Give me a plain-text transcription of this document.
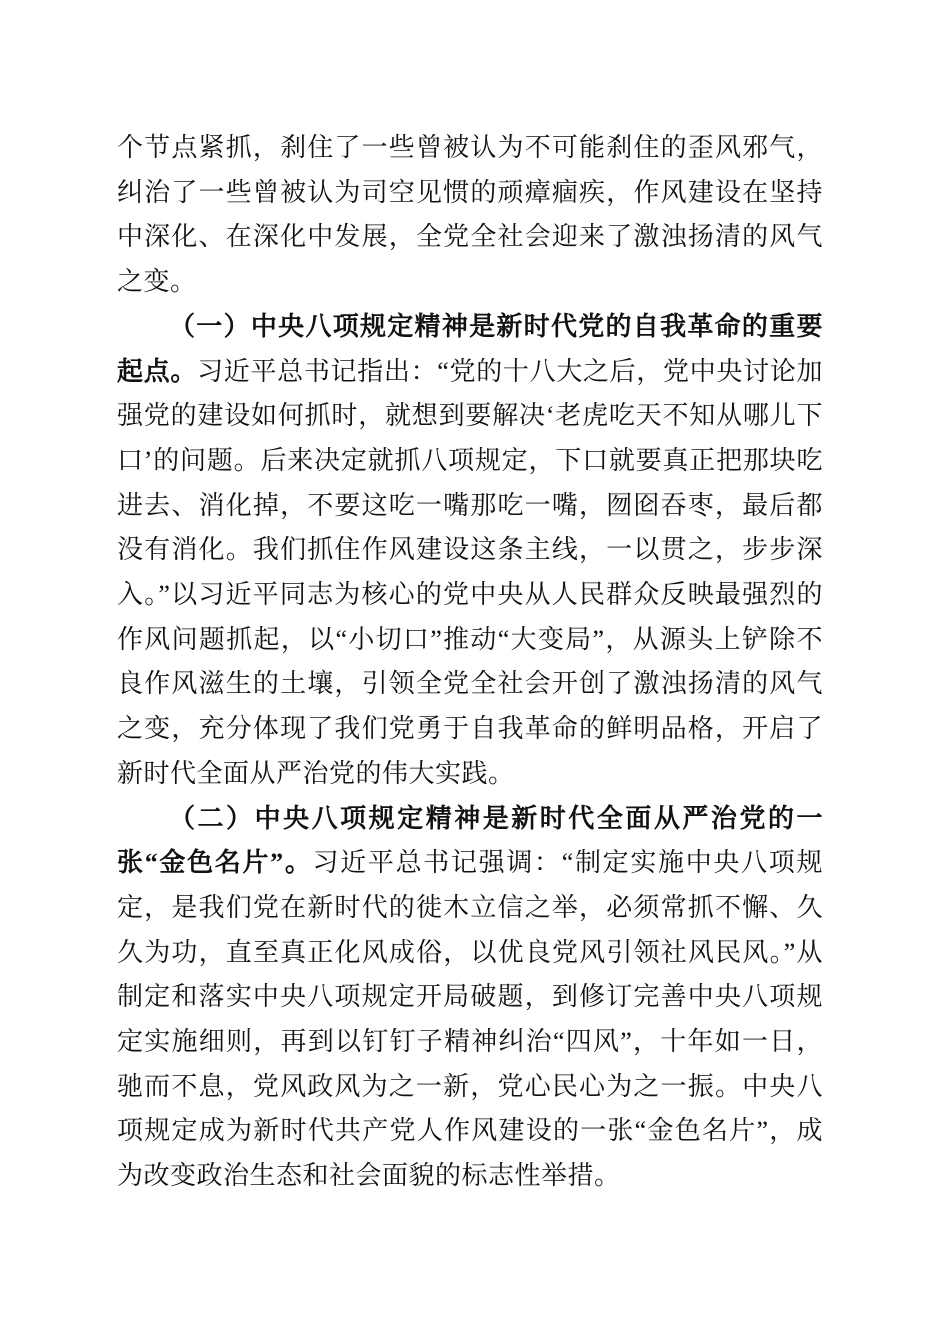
个节点紧抓，刹住了一些曾被认为不可能刹住的歪风邪气，纠治了一些曾被认为司空见惯的顽瘴痼疾，作风建设在坚持中深化、在深化中发展，全党全社会迎来了激浊扬清的风气之变。

（一）中央八项规定精神是新时代党的自我革命的重要起点。习近平总书记指出：“党的十八大之后，党中央讨论加强党的建设如何抓时，就想到要解决‘老虎吃天不知从哪儿下口’的问题。后来决定就抓八项规定，下口就要真正把那块吃进去、消化掉，不要这吃一嘴那吃一嘴，囫囵吞枣，最后都没有消化。我们抓住作风建设这条主线，一以贯之，步步深入。”以习近平同志为核心的党中央从人民群众反映最强烈的作风问题抓起，以“小切口”推动“大变局”，从源头上铲除不良作风滋生的土壤，引领全党全社会开创了激浊扬清的风气之变，充分体现了我们党勇于自我革命的鲜明品格，开启了新时代全面从严治党的伟大实践。

（二）中央八项规定精神是新时代全面从严治党的一张“金色名片”。习近平总书记强调：“制定实施中央八项规定，是我们党在新时代的徙木立信之举，必须常抓不懈、久久为功，直至真正化风成俗，以优良党风引领社风民风。”从制定和落实中央八项规定开局破题，到修订完善中央八项规定实施细则，再到以钉钉子精神纠治“四风”，十年如一日，驰而不息，党风政风为之一新，党心民心为之一振。中央八项规定成为新时代共产党人作风建设的一张“金色名片”，成为改变政治生态和社会面貌的标志性举措。
